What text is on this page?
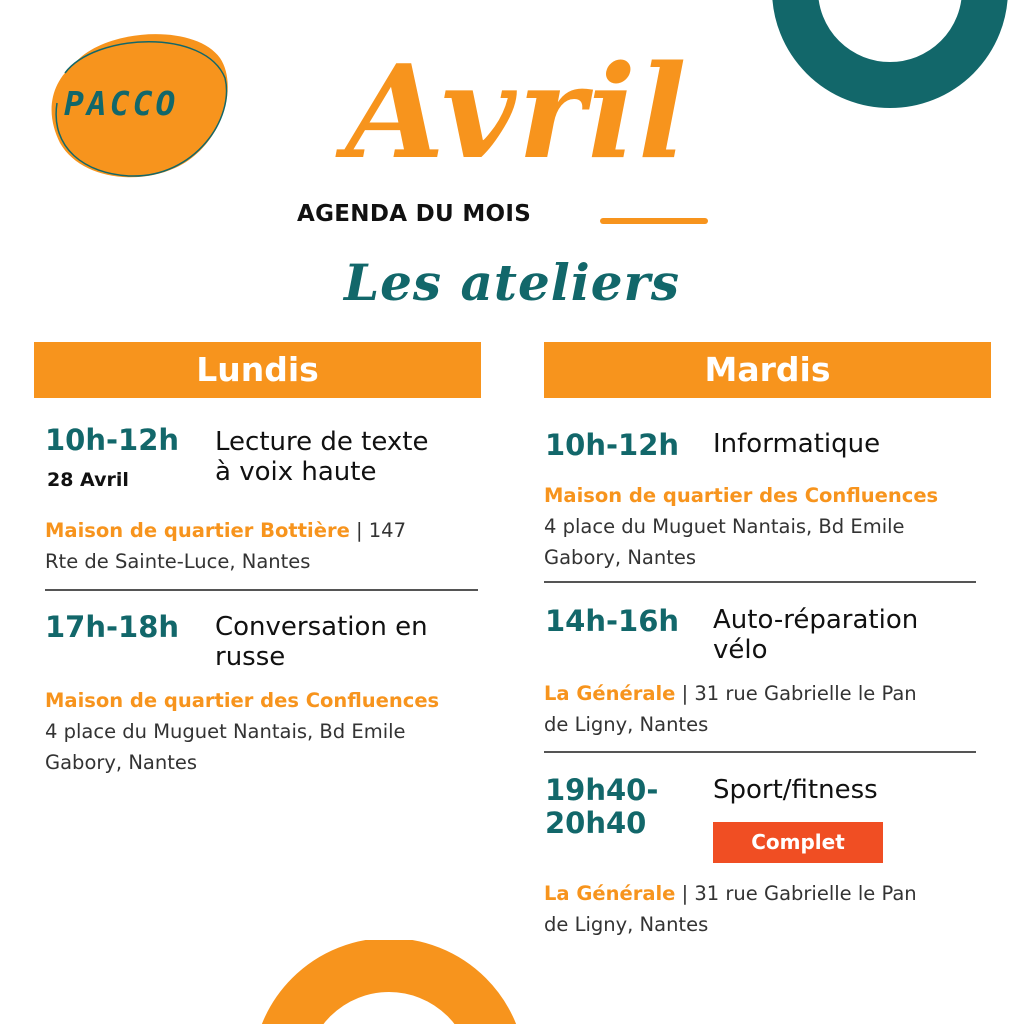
PACCO	Avril
AGENDA DU MOIS
Les ateliers
Lundis	Mardis
10h-12h
28 Avril
Lecture de texte
à voix haute
Maison de quartier Bottière | 147
Rte de Sainte-Luce, Nantes
17h-18h Conversation en
russe
Maison de quartier des Confluences
4 place du Muguet Nantais, Bd Emile
Gabory, Nantes
10h-12h Informatique
Maison de quartier des Confluences
4 place du Muguet Nantais, Bd Emile
Gabory, Nantes
14h-16h Auto-réparation
vélo
La Générale | 31 rue Gabrielle le Pan
de Ligny, Nantes
19h40-
20h40
Sport/fitness
Complet
La Générale | 31 rue Gabrielle le Pan
de Ligny, Nantes
